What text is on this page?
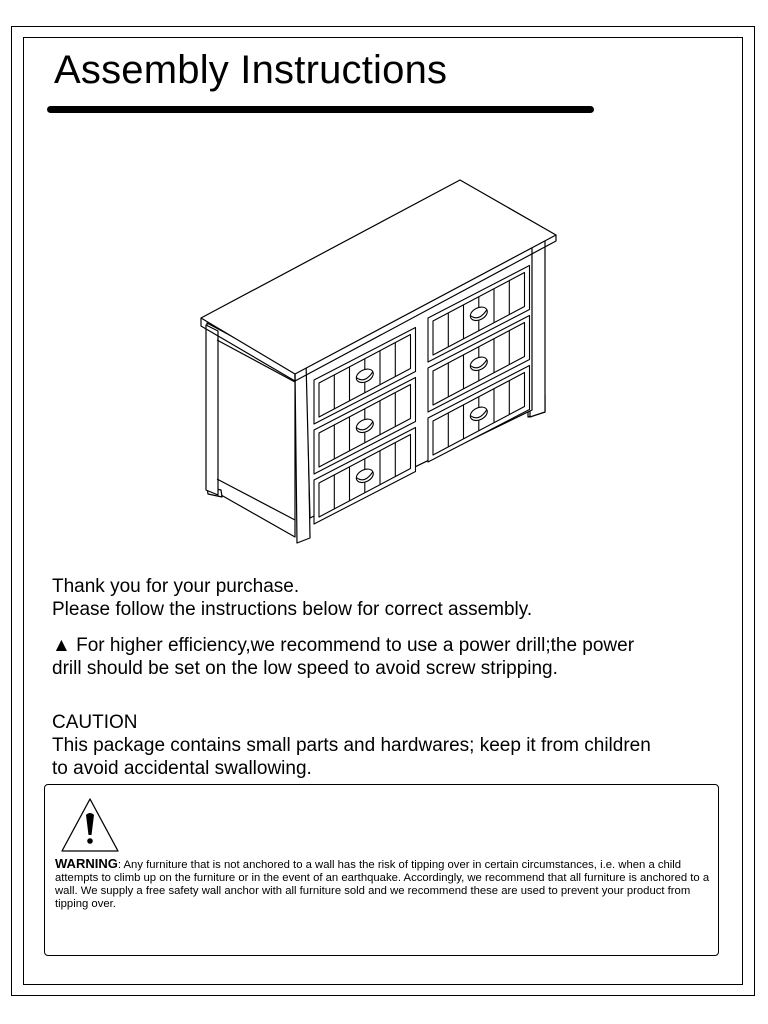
Assembly Instructions
Thank you for your purchase.
Please follow the instructions below for correct assembly.
▲ For higher efficiency,we recommend to use a power drill;the power
drill should be set on the low speed to avoid screw stripping.
CAUTION
This package contains small parts and hardwares; keep it from children
to avoid accidental swallowing.
WARNING: Any furniture that is not anchored to a wall has the risk of tipping over in certain circumstances, i.e. when a child attempts to climb up on the furniture or in the event of an earthquake. Accordingly, we recommend that all furniture is anchored to a wall. We supply a free safety wall anchor with all furniture sold and we recommend these are used to prevent your product from tipping over.
